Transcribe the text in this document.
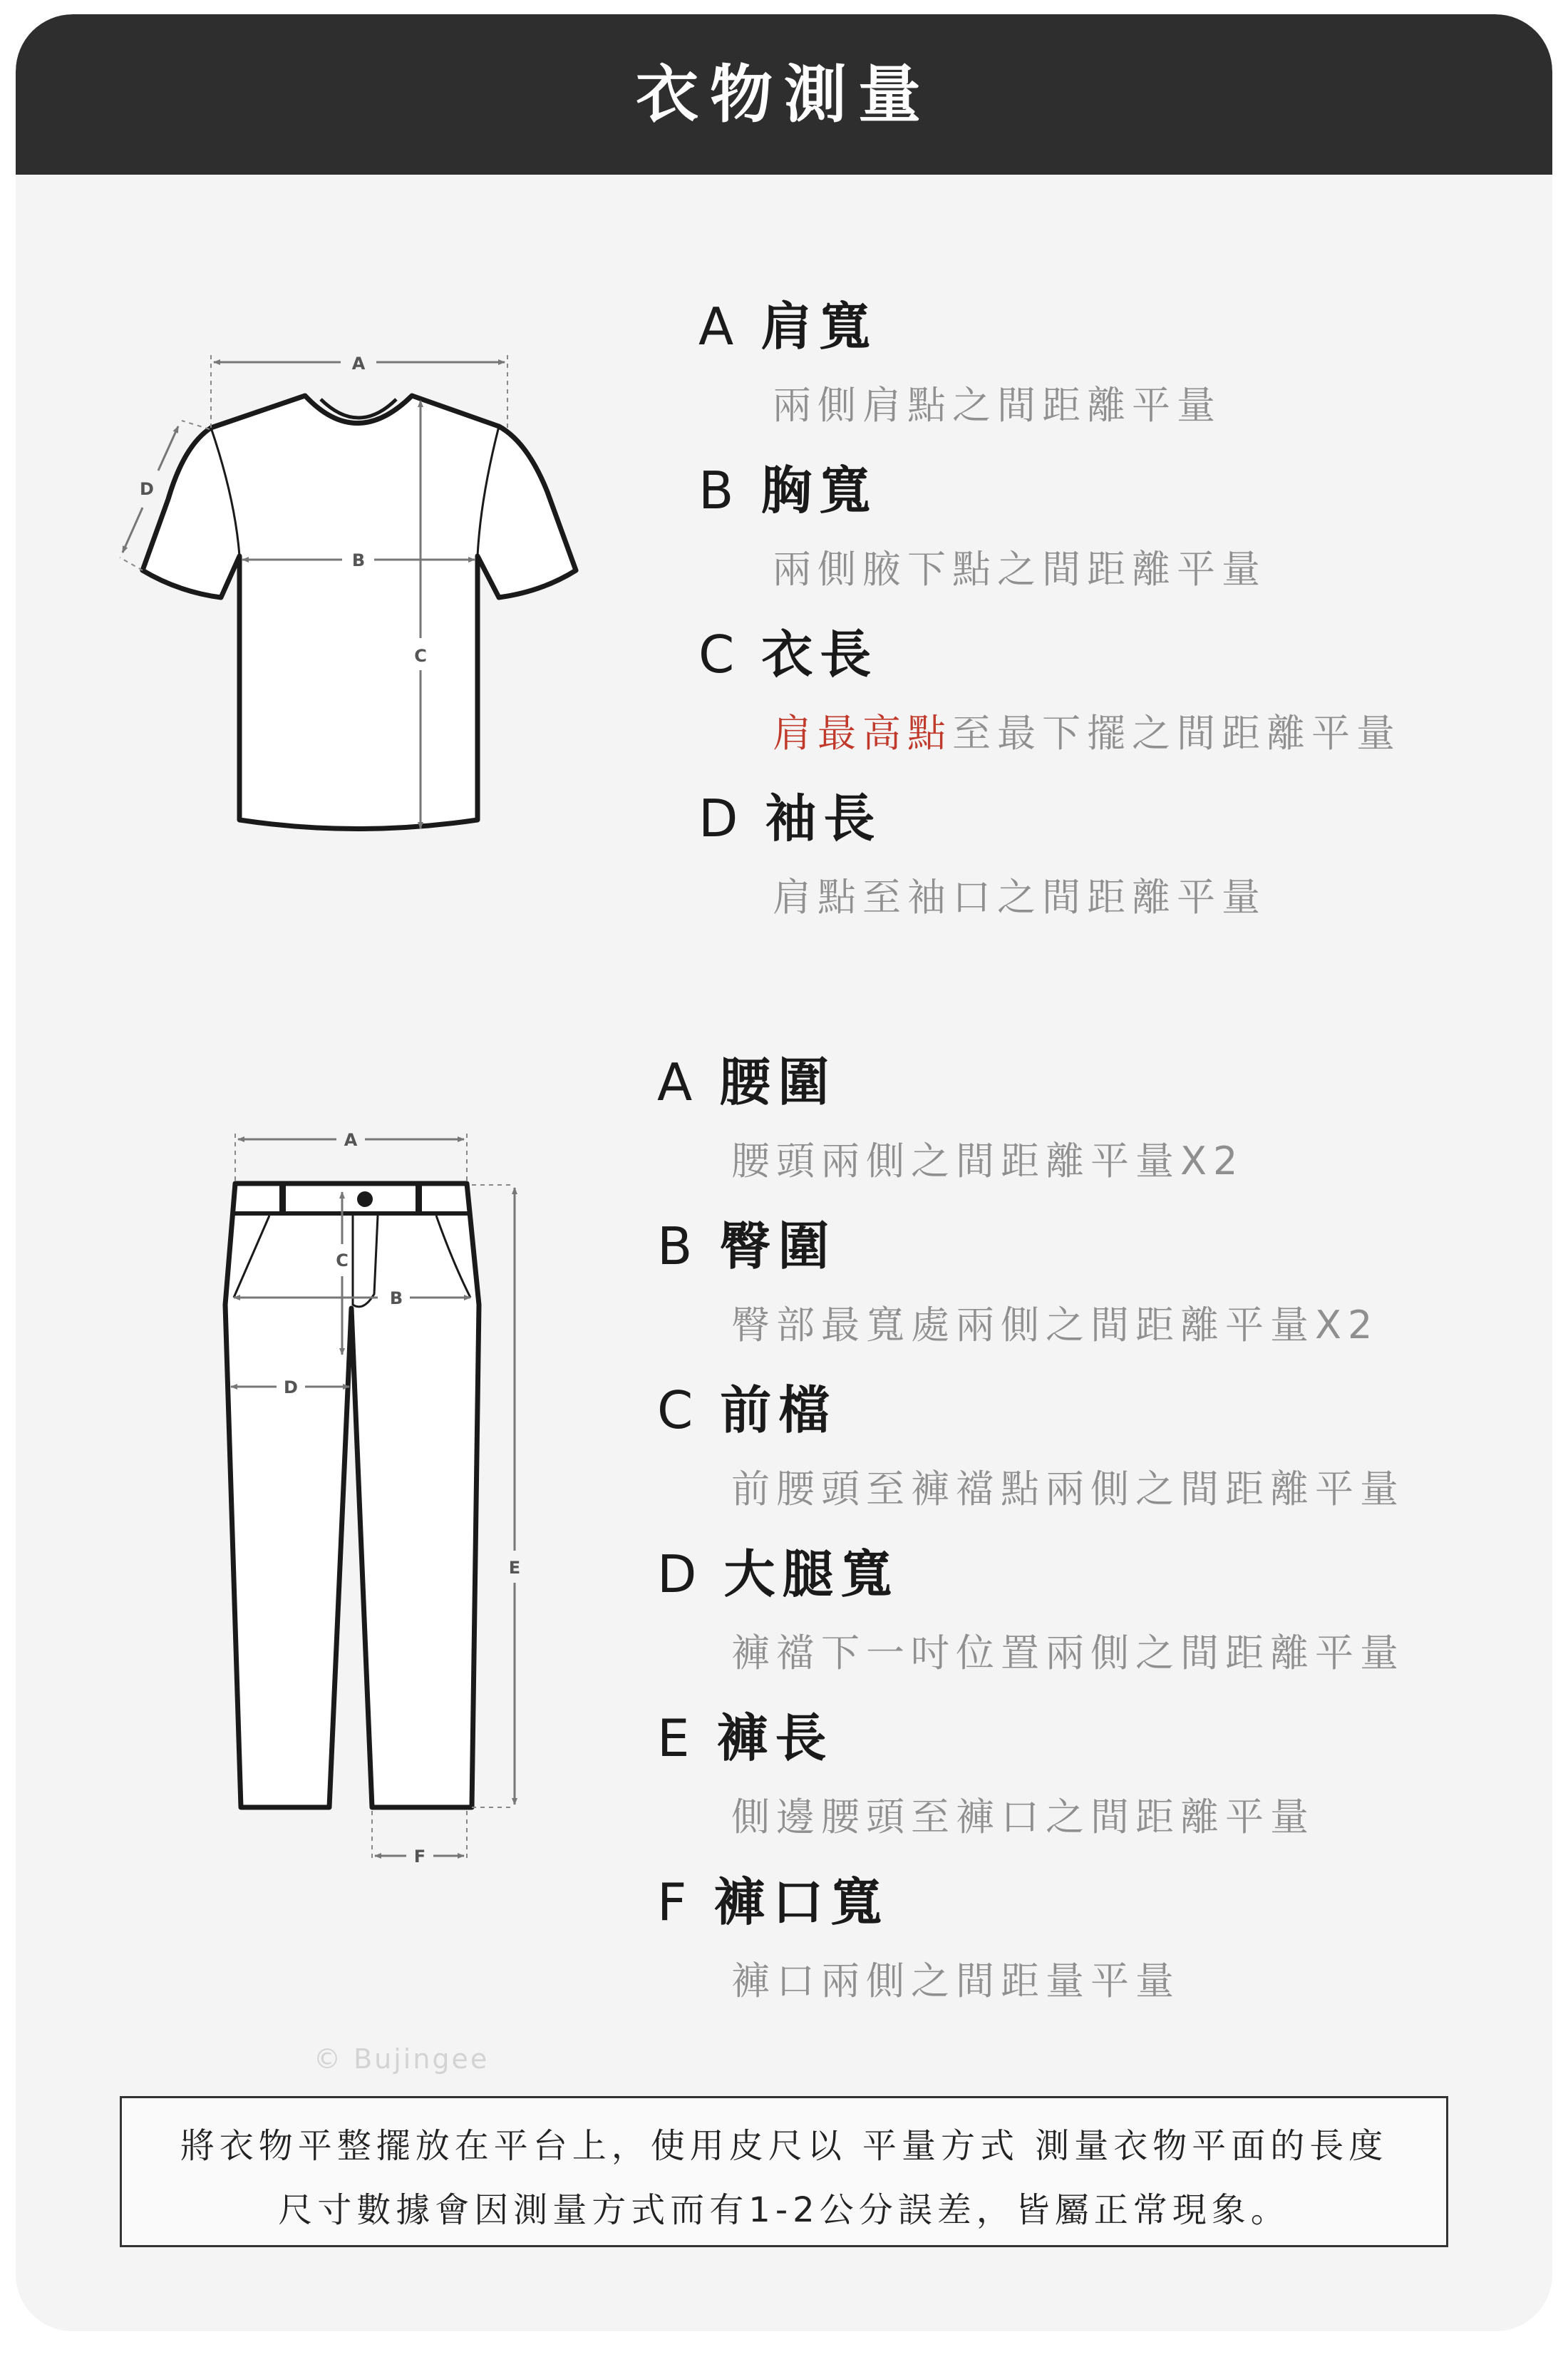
衣物測量
A
B
C
D
A
B
C
D
E
F
A 肩寬
兩側肩點之間距離平量
B 胸寬
兩側腋下點之間距離平量
C 衣長
肩最高點至最下擺之間距離平量
D 袖長
肩點至袖口之間距離平量
A 腰圍
腰頭兩側之間距離平量X2
B 臀圍
臀部最寬處兩側之間距離平量X2
C 前檔
前腰頭至褲襠點兩側之間距離平量
D 大腿寬
褲襠下一吋位置兩側之間距離平量
E 褲長
側邊腰頭至褲口之間距離平量
F 褲口寬
褲口兩側之間距量平量
© Bujingee
將衣物平整擺放在平台上，使用皮尺以 平量方式 測量衣物平面的長度
尺寸數據會因測量方式而有1-2公分誤差，皆屬正常現象。
